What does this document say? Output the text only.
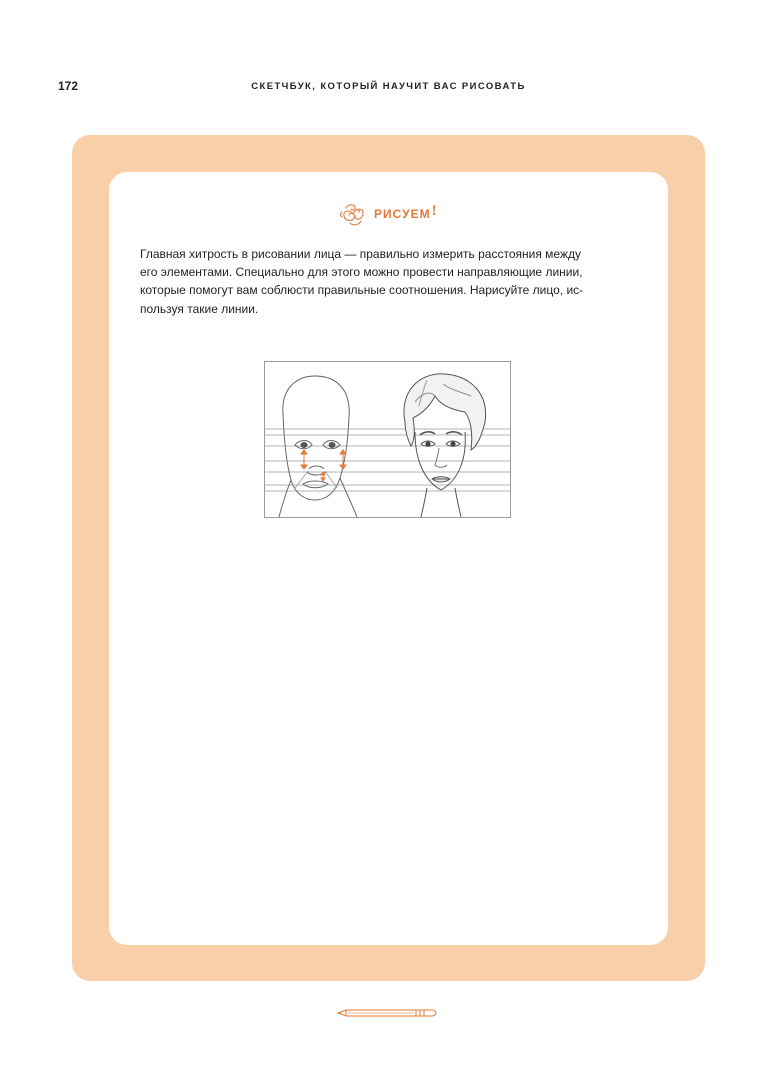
172	СКЕТЧБУК, КОТОРЫЙ НАУЧИТ ВАС РИСОВАТЬ
РИСУЕМ !

Главная хитрость в рисовании лица — правильно измерить расстояния между
его элементами. Специально для этого можно провести направляющие линии,
которые помогут вам соблюсти правильные соотношения. Нарисуйте лицо, ис-
пользуя такие линии.
